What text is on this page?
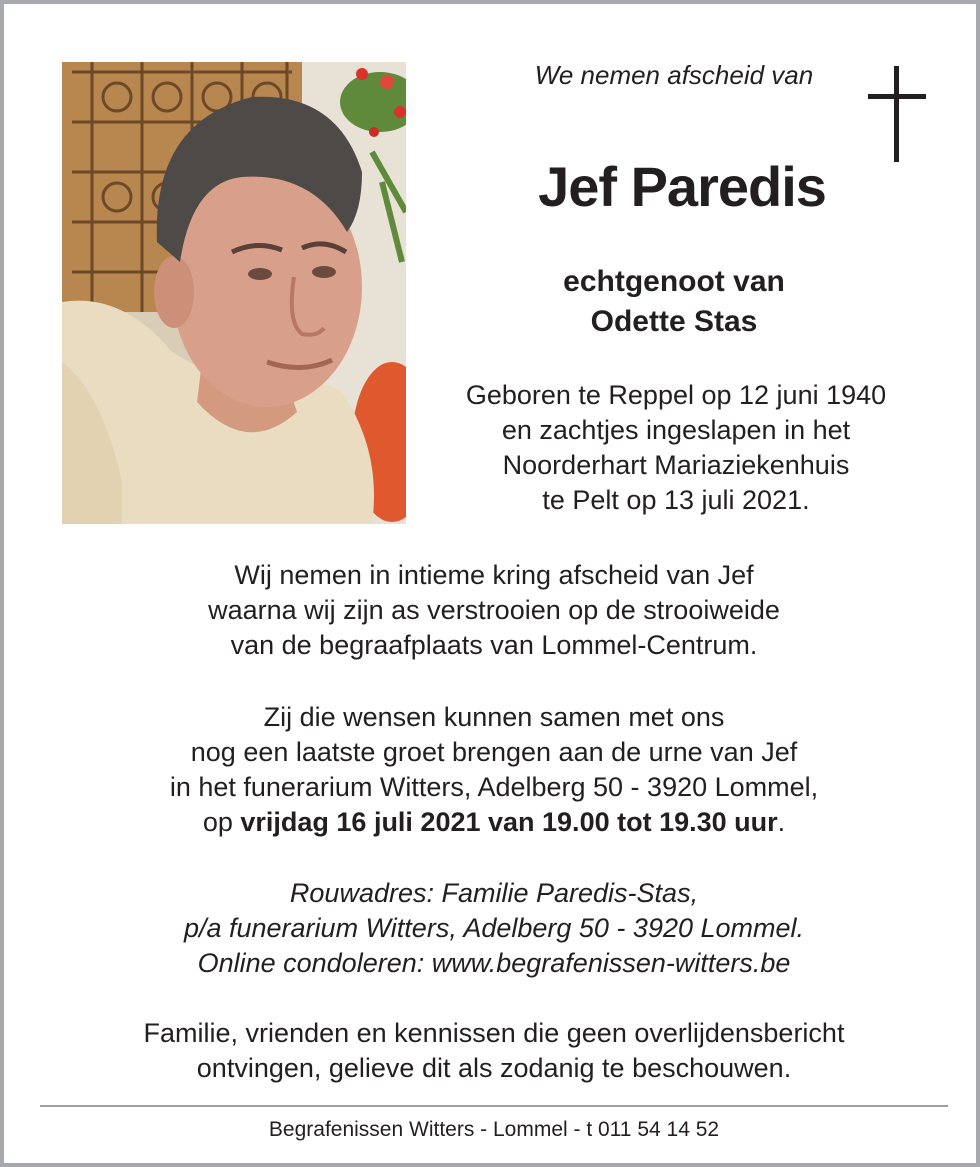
We nemen afscheid van
Jef Paredis
echtgenoot van
Odette Stas
Geboren te Reppel op 12 juni 1940
en zachtjes ingeslapen in het
Noorderhart Mariaziekenhuis
te Pelt op 13 juli 2021.
Wij nemen in intieme kring afscheid van Jef
waarna wij zijn as verstrooien op de strooiweide
van de begraafplaats van Lommel-Centrum.
Zij die wensen kunnen samen met ons
nog een laatste groet brengen aan de urne van Jef
in het funerarium Witters, Adelberg 50 - 3920 Lommel,
op vrijdag 16 juli 2021 van 19.00 tot 19.30 uur.
Rouwadres: Familie Paredis-Stas,
p/a funerarium Witters, Adelberg 50 - 3920 Lommel.
Online condoleren: www.begrafenissen-witters.be
Familie, vrienden en kennissen die geen overlijdensbericht
ontvingen, gelieve dit als zodanig te beschouwen.
Begrafenissen Witters - Lommel - t 011 54 14 52
